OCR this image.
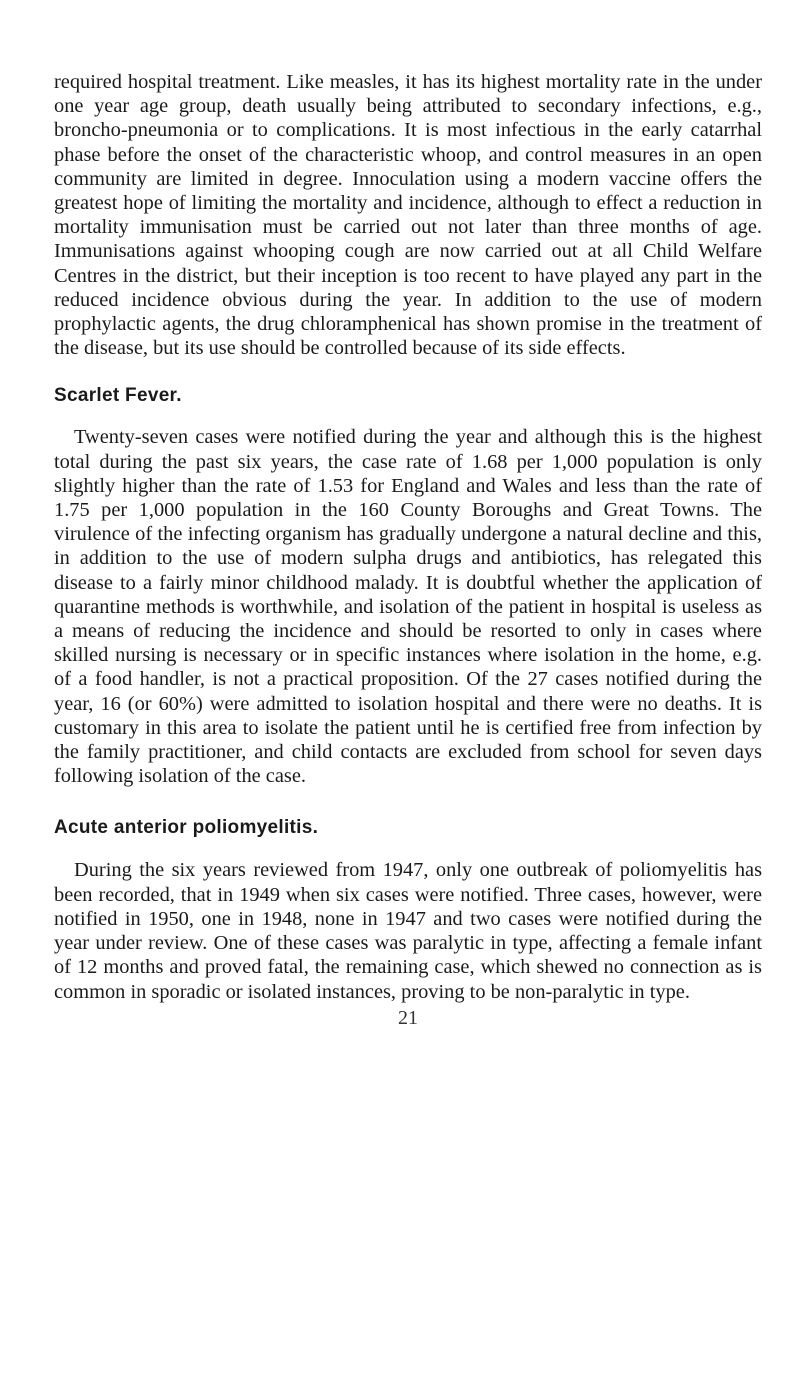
required hospital treatment. Like measles, it has its highest mortality rate in the under one year age group, death usually being attributed to secondary infections, e.g., broncho-pneumonia or to complications. It is most infectious in the early catarrhal phase before the onset of the characteristic whoop, and control measures in an open community are limited in degree. Innoculation using a modern vaccine offers the greatest hope of limiting the mortality and incidence, although to effect a reduction in mortality immunisation must be carried out not later than three months of age. Immunisations against whooping cough are now carried out at all Child Welfare Centres in the district, but their inception is too recent to have played any part in the reduced incidence obvious during the year. In addition to the use of modern prophylactic agents, the drug chloramphenical has shown promise in the treatment of the disease, but its use should be controlled because of its side effects.

Scarlet Fever.

Twenty-seven cases were notified during the year and although this is the highest total during the past six years, the case rate of 1.68 per 1,000 population is only slightly higher than the rate of 1.53 for England and Wales and less than the rate of 1.75 per 1,000 population in the 160 County Boroughs and Great Towns. The virulence of the infecting organism has gradually undergone a natural decline and this, in addition to the use of modern sulpha drugs and antibiotics, has relegated this disease to a fairly minor childhood malady. It is doubtful whether the application of quarantine methods is worthwhile, and isolation of the patient in hospital is useless as a means of reducing the incidence and should be resorted to only in cases where skilled nursing is necessary or in specific instances where isolation in the home, e.g. of a food handler, is not a practical proposition. Of the 27 cases notified during the year, 16 (or 60%) were admitted to isolation hospital and there were no deaths. It is customary in this area to isolate the patient until he is certified free from infection by the family practitioner, and child contacts are excluded from school for seven days following isolation of the case.

Acute anterior poliomyelitis.

During the six years reviewed from 1947, only one outbreak of poliomyelitis has been recorded, that in 1949 when six cases were notified. Three cases, however, were notified in 1950, one in 1948, none in 1947 and two cases were notified during the year under review. One of these cases was paralytic in type, affecting a female infant of 12 months and proved fatal, the remaining case, which shewed no connection as is common in sporadic or isolated instances, proving to be non-paralytic in type.

21
